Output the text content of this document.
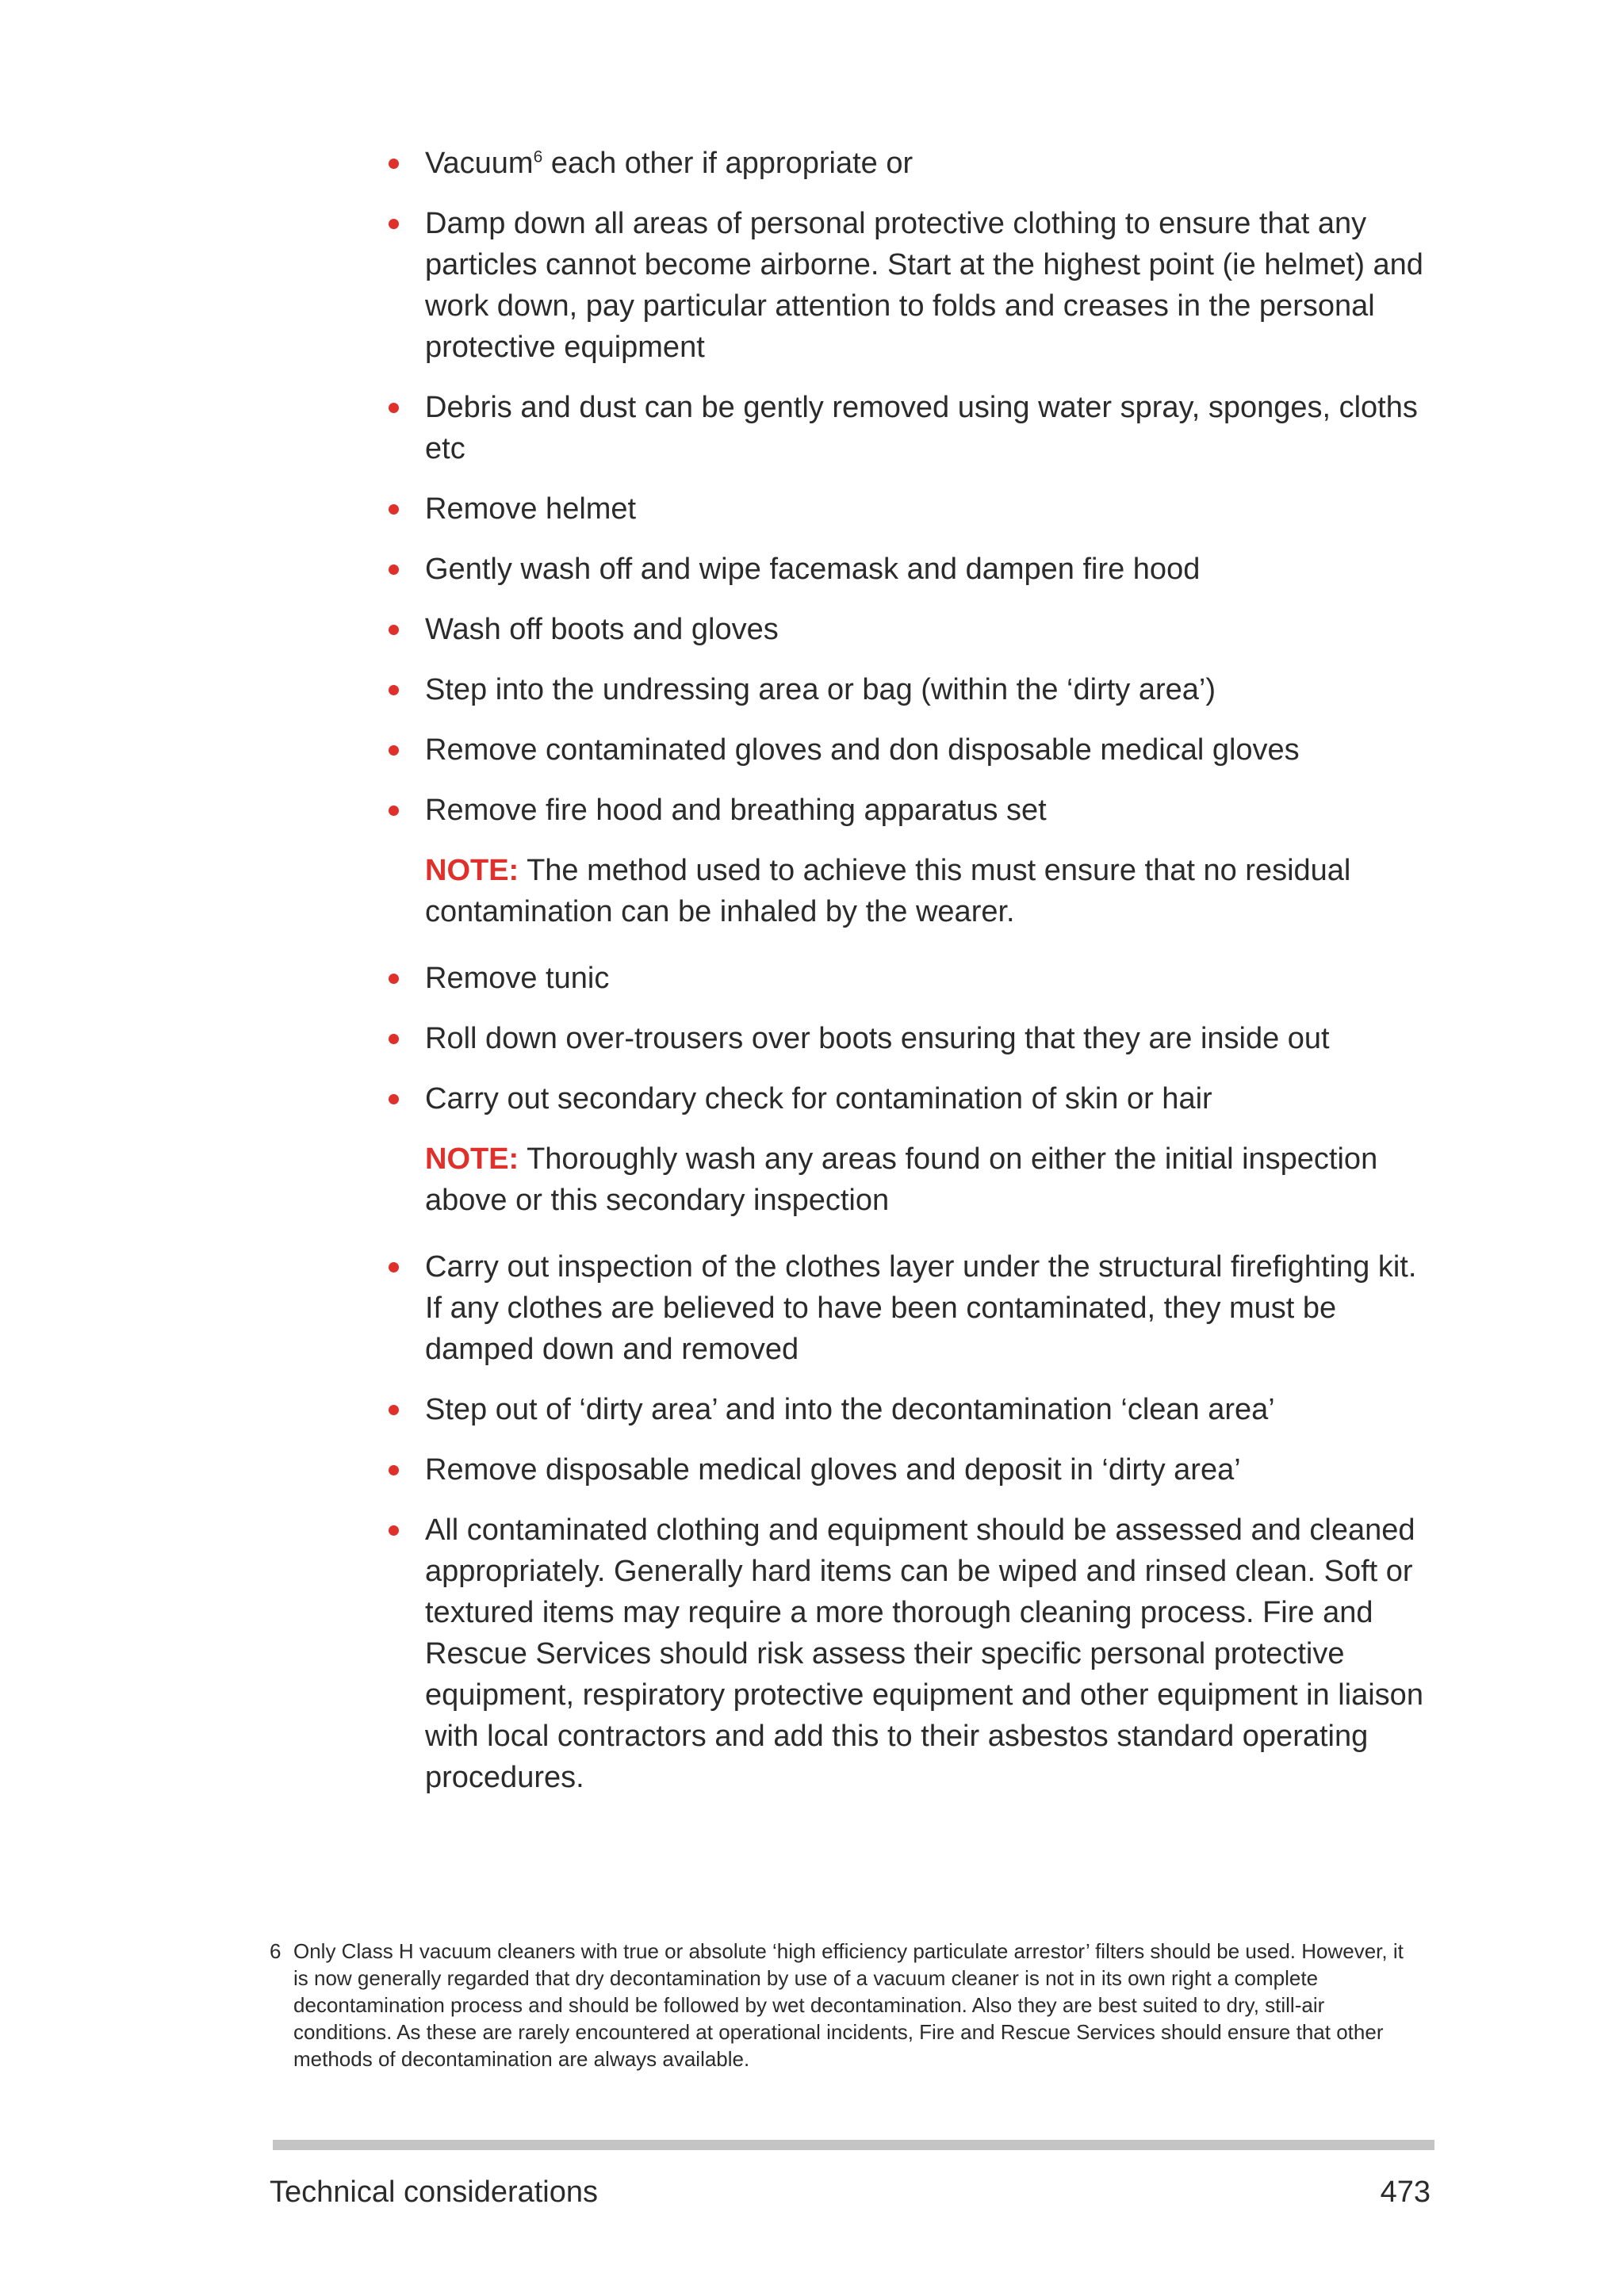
Vacuum$^6$ each other if appropriate or
Damp down all areas of personal protective clothing to ensure that any particles cannot become airborne. Start at the highest point (ie helmet) and work down, pay particular attention to folds and creases in the personal protective equipment
Debris and dust can be gently removed using water spray, sponges, cloths etc
Remove helmet
Gently wash off and wipe facemask and dampen fire hood
Wash off boots and gloves
Step into the undressing area or bag (within the ‘dirty area’)
Remove contaminated gloves and don disposable medical gloves
Remove fire hood and breathing apparatus set
NOTE: The method used to achieve this must ensure that no residual contamination can be inhaled by the wearer.
Remove tunic
Roll down over-trousers over boots ensuring that they are inside out
Carry out secondary check for contamination of skin or hair
NOTE: Thoroughly wash any areas found on either the initial inspection above or this secondary inspection
Carry out inspection of the clothes layer under the structural firefighting kit. If any clothes are believed to have been contaminated, they must be damped down and removed
Step out of ‘dirty area’ and into the decontamination ‘clean area’
Remove disposable medical gloves and deposit in ‘dirty area’
All contaminated clothing and equipment should be assessed and cleaned appropriately. Generally hard items can be wiped and rinsed clean. Soft or textured items may require a more thorough cleaning process. Fire and Rescue Services should risk assess their specific personal protective equipment, respiratory protective equipment and other equipment in liaison with local contractors and add this to their asbestos standard operating procedures.
6 Only Class H vacuum cleaners with true or absolute ‘high efficiency particulate arrestor’ filters should be used. However, it is now generally regarded that dry decontamination by use of a vacuum cleaner is not in its own right a complete decontamination process and should be followed by wet decontamination. Also they are best suited to dry, still-air conditions. As these are rarely encountered at operational incidents, Fire and Rescue Services should ensure that other methods of decontamination are always available.
Technical considerations	473
